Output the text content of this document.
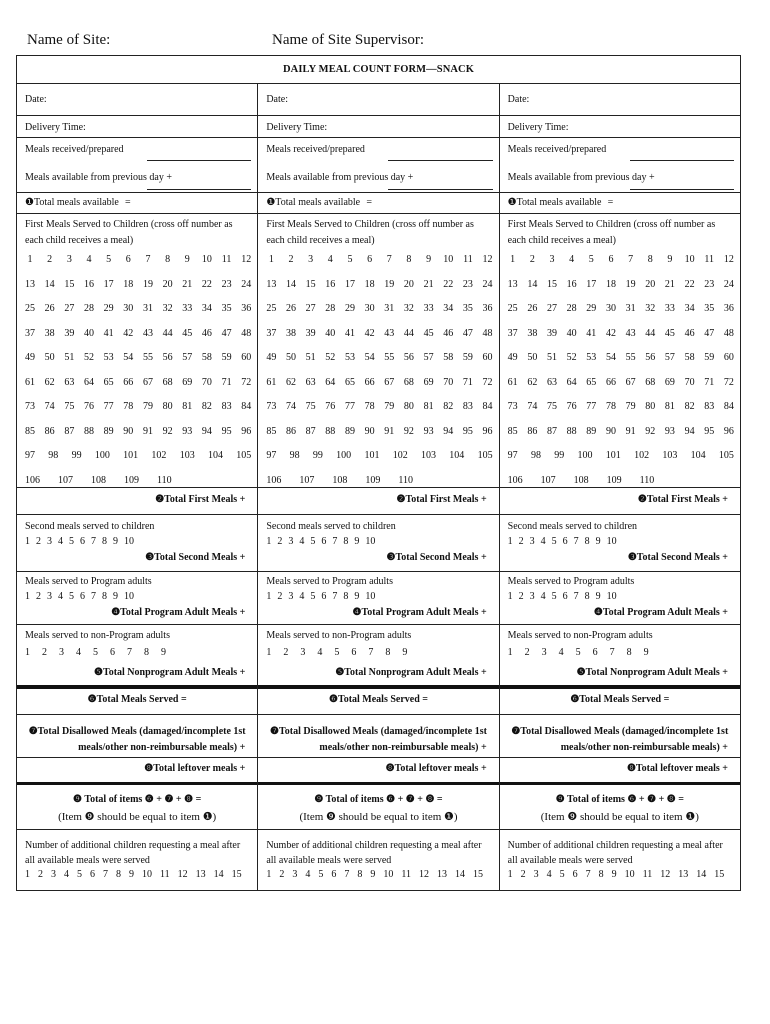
Name of Site:	Name of Site Supervisor:
DAILY MEAL COUNT FORM—SNACK
Date:
Delivery Time:
Meals received/prepared
Meals available from previous day +
❶Total meals available =
First Meals Served to Children (cross off number as each child receives a meal)
1 2 3 4 5 6 7 8 9 10 11 12
13 14 15 16 17 18 19 20 21 22 23 24
25 26 27 28 29 30 31 32 33 34 35 36
37 38 39 40 41 42 43 44 45 46 47 48
49 50 51 52 53 54 55 56 57 58 59 60
61 62 63 64 65 66 67 68 69 70 71 72
73 74 75 76 77 78 79 80 81 82 83 84
85 86 87 88 89 90 91 92 93 94 95 96
97 98 99 100 101 102 103 104 105
106 107 108 109 110
❷Total First Meals +
Second meals served to children
1 2 3 4 5 6 7 8 9 10
❸Total Second Meals +
Meals served to Program adults
1 2 3 4 5 6 7 8 9 10
❹Total Program Adult Meals +
Meals served to non-Program adults
1 2 3 4 5 6 7 8 9
❺Total Nonprogram Adult Meals +
❻Total Meals Served =
❼Total Disallowed Meals (damaged/incomplete 1st
meals/other non-reimbursable meals) +
❽Total leftover meals +
❾ Total of items ❻ + ❼ + ❽ =
(Item ❾ should be equal to item ❶)
Number of additional children requesting a meal after all available meals were served
1 2 3 4 5 6 7 8 9 10 11 12 13 14 15
Date:
Delivery Time:
Meals received/prepared
Meals available from previous day +
❶Total meals available =
First Meals Served to Children (cross off number as each child receives a meal)
1 2 3 4 5 6 7 8 9 10 11 12
13 14 15 16 17 18 19 20 21 22 23 24
25 26 27 28 29 30 31 32 33 34 35 36
37 38 39 40 41 42 43 44 45 46 47 48
49 50 51 52 53 54 55 56 57 58 59 60
61 62 63 64 65 66 67 68 69 70 71 72
73 74 75 76 77 78 79 80 81 82 83 84
85 86 87 88 89 90 91 92 93 94 95 96
97 98 99 100 101 102 103 104 105
106 107 108 109 110
❷Total First Meals +
Second meals served to children
1 2 3 4 5 6 7 8 9 10
❸Total Second Meals +
Meals served to Program adults
1 2 3 4 5 6 7 8 9 10
❹Total Program Adult Meals +
Meals served to non-Program adults
1 2 3 4 5 6 7 8 9
❺Total Nonprogram Adult Meals +
❻Total Meals Served =
❼Total Disallowed Meals (damaged/incomplete 1st
meals/other non-reimbursable meals) +
❽Total leftover meals +
❾ Total of items ❻ + ❼ + ❽ =
(Item ❾ should be equal to item ❶)
Number of additional children requesting a meal after all available meals were served
1 2 3 4 5 6 7 8 9 10 11 12 13 14 15
Date:
Delivery Time:
Meals received/prepared
Meals available from previous day +
❶Total meals available =
First Meals Served to Children (cross off number as each child receives a meal)
1 2 3 4 5 6 7 8 9 10 11 12
13 14 15 16 17 18 19 20 21 22 23 24
25 26 27 28 29 30 31 32 33 34 35 36
37 38 39 40 41 42 43 44 45 46 47 48
49 50 51 52 53 54 55 56 57 58 59 60
61 62 63 64 65 66 67 68 69 70 71 72
73 74 75 76 77 78 79 80 81 82 83 84
85 86 87 88 89 90 91 92 93 94 95 96
97 98 99 100 101 102 103 104 105
106 107 108 109 110
❷Total First Meals +
Second meals served to children
1 2 3 4 5 6 7 8 9 10
❸Total Second Meals +
Meals served to Program adults
1 2 3 4 5 6 7 8 9 10
❹Total Program Adult Meals +
Meals served to non-Program adults
1 2 3 4 5 6 7 8 9
❺Total Nonprogram Adult Meals +
❻Total Meals Served =
❼Total Disallowed Meals (damaged/incomplete 1st
meals/other non-reimbursable meals) +
❽Total leftover meals +
❾ Total of items ❻ + ❼ + ❽ =
(Item ❾ should be equal to item ❶)
Number of additional children requesting a meal after all available meals were served
1 2 3 4 5 6 7 8 9 10 11 12 13 14 15
